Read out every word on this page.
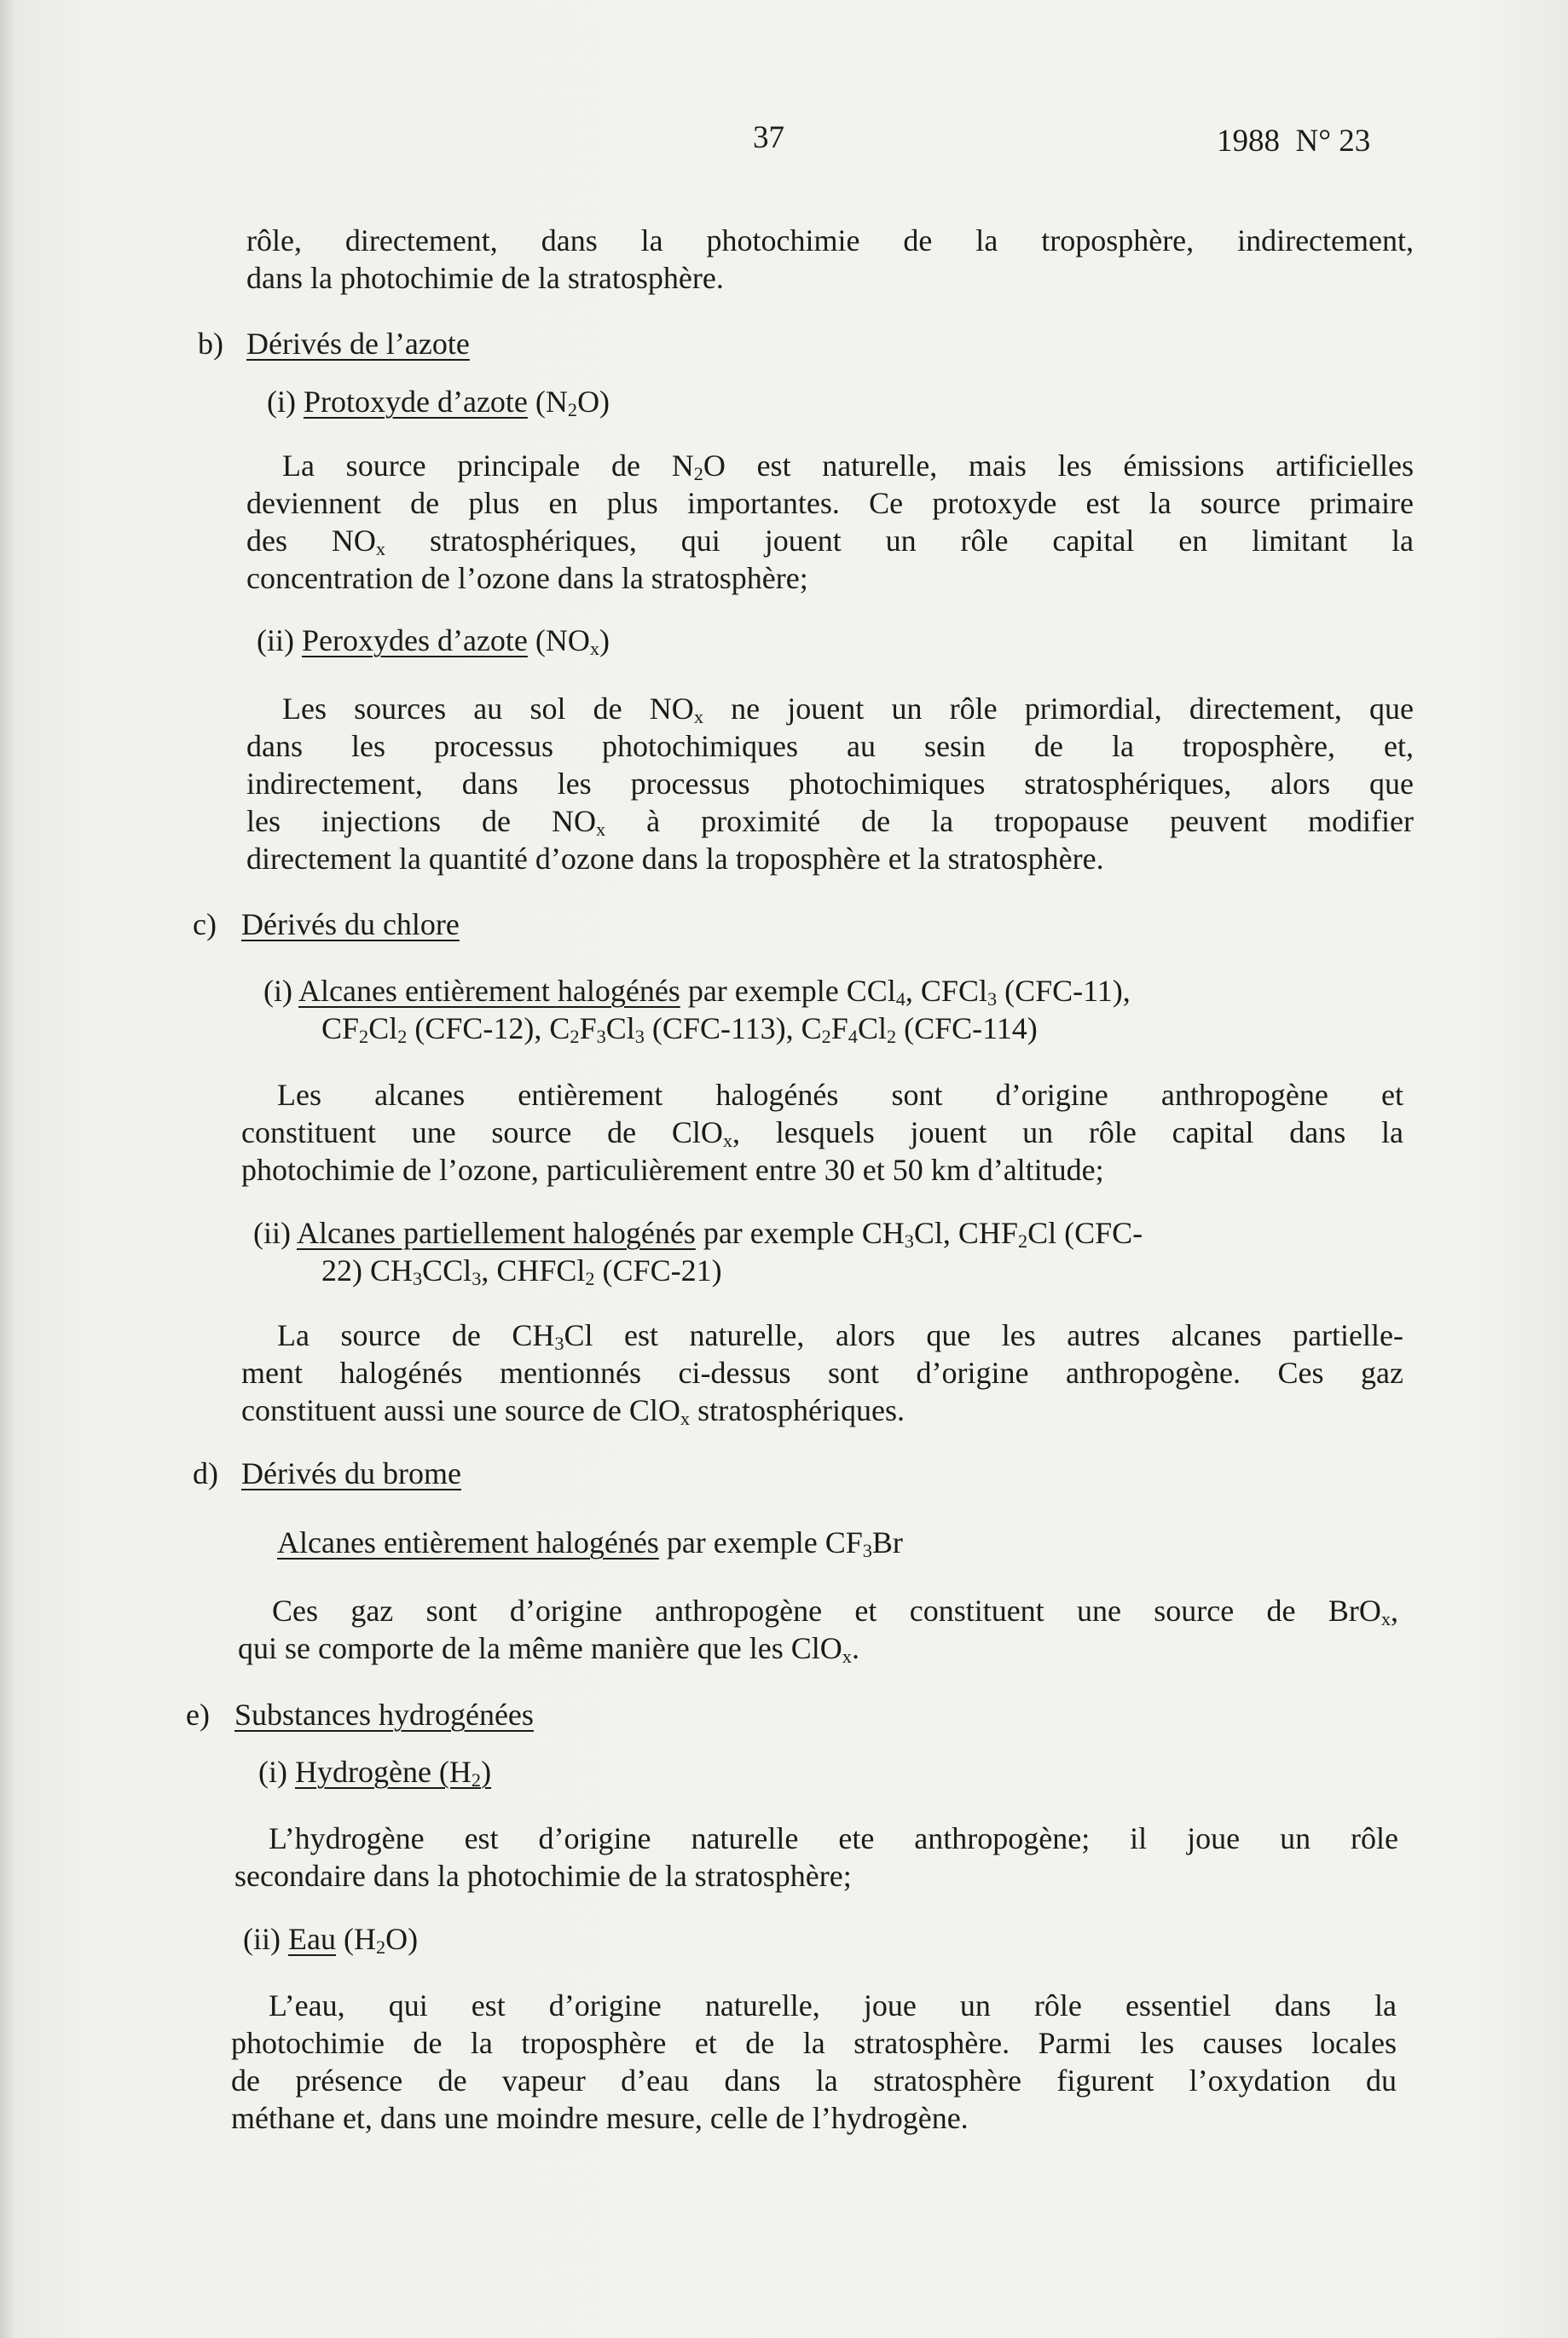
37	1988  N° 23
rôle, directement, dans la photochimie de la troposphère, indirectement,
dans la photochimie de la stratosphère.
b) Dérivés de l’azote
(i) Protoxyde d’azote $(N_2O)$
La source principale de $N_2O$ est naturelle, mais les émissions artificielles
deviennent de plus en plus importantes. Ce protoxyde est la source primaire
des $NO_x$ stratosphériques, qui jouent un rôle capital en limitant la
concentration de l’ozone dans la stratosphère;
(ii) Peroxydes d’azote $(NO_x)$
Les sources au sol de $NO_x$ ne jouent un rôle primordial, directement, que
dans les processus photochimiques au sesin de la troposphère, et,
indirectement, dans les processus photochimiques stratosphériques, alors que
les injections de $NO_x$ à proximité de la tropopause peuvent modifier
directement la quantité d’ozone dans la troposphère et la stratosphère.
c) Dérivés du chlore
(i) Alcanes entièrement halogénés par exemple CCl$_4$, CFCl$_3$ (CFC-11),
$CF_2Cl_2$ (CFC-12), $C_2F_3Cl_3$ (CFC-113), $C_2F_4Cl_2$ (CFC-114)
Les alcanes entièrement halogénés sont d’origine anthropogène et
constituent une source de ClO$_x$, lesquels jouent un rôle capital dans la
photochimie de l’ozone, particulièrement entre 30 et 50 km d’altitude;
(ii) Alcanes partiellement halogénés par exemple $CH_3Cl$, $CHF_2Cl$ (CFC-
22) $CH_3CCl_3$, CHFCl$_2$ (CFC-21)
La source de $CH_3Cl$ est naturelle, alors que les autres alcanes partielle-
ment halogénés mentionnés ci-dessus sont d’origine anthropogène. Ces gaz
constituent aussi une source de ClO$_x$ stratosphériques.
d) Dérivés du brome
Alcanes entièrement halogénés par exemple $CF_3Br$
Ces gaz sont d’origine anthropogène et constituent une source de BrO$_x$,
qui se comporte de la même manière que les ClO$_x$.
e) Substances hydrogénées
(i) Hydrogène $(H_2)$
L’hydrogène est d’origine naturelle ete anthropogène; il joue un rôle
secondaire dans la photochimie de la stratosphère;
(ii) Eau $(H_2O)$
L’eau, qui est d’origine naturelle, joue un rôle essentiel dans la
photochimie de la troposphère et de la stratosphère. Parmi les causes locales
de présence de vapeur d’eau dans la stratosphère figurent l’oxydation du
méthane et, dans une moindre mesure, celle de l’hydrogène.
